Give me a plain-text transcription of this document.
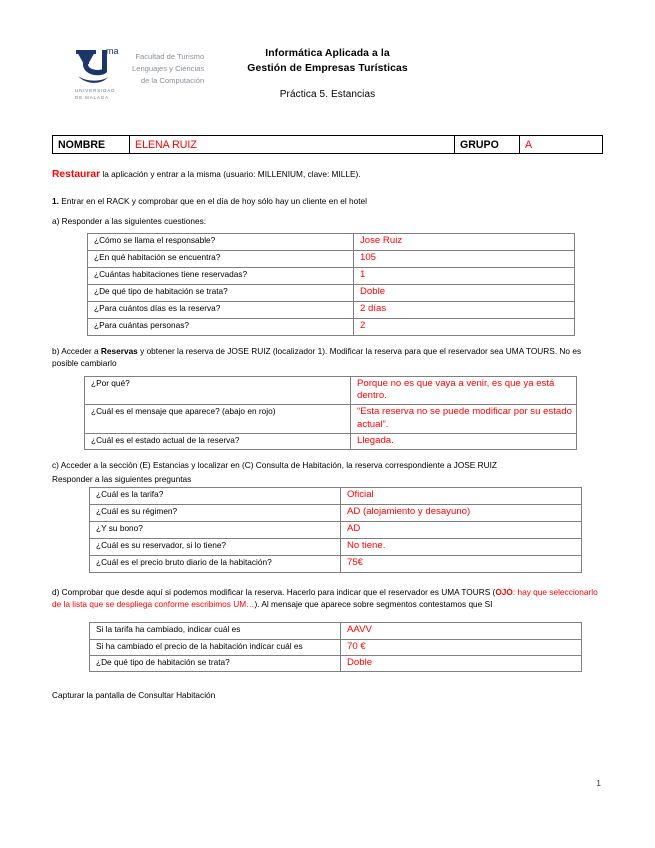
ma
UNIVERSIDAD
DE MALAGA
Facultad de Turismo
Lenguajes y Ciencias
de la Computación
Informática Aplicada a la
Gestión de Empresas Turísticas
Práctica 5. Estancias
NOMBRE	ELENA RUIZ	GRUPO	A
Restaurar la aplicación y entrar a la misma (usuario: MILLENIUM, clave: MILLE).
1. Entrar en el RACK y comprobar que en el día de hoy sólo hay un cliente en el hotel
a) Responder a las siguientes cuestiones:
¿Cómo se llama el responsable?	Jose Ruiz
¿En qué habitación se encuentra?	105
¿Cuántas habitaciones tiene reservadas?	1
¿De qué tipo de habitación se trata?	Doble
¿Para cuántos días es la reserva?	2 días
¿Para cuántas personas?	2
b) Acceder a Reservas y obtener la reserva de JOSE RUIZ (localizador 1). Modificar la reserva para que el reservador sea UMA TOURS. No es posible cambiarlo
¿Por qué?	Porque no es que vaya a venir, es que ya está dentro.
¿Cuál es el mensaje que aparece? (abajo en rojo)	“Esta reserva no se puede modificar por su estado actual”.
¿Cuál es el estado actual de la reserva?	Llegada.
c) Acceder a la sección (E) Estancias y localizar en (C) Consulta de Habitación, la reserva correspondiente a JOSE RUIZ
Responder a las siguientes preguntas
¿Cuál es la tarifa?	Oficial
¿Cuál es su régimen?	AD (alojamiento y desayuno)
¿Y su bono?	AD
¿Cuál es su reservador, si lo tiene?	No tiene.
¿Cuál es el precio bruto diario de la habitación?	75€
d) Comprobar que desde aquí si podemos modificar la reserva. Hacerlo para indicar que el reservador es UMA TOURS (OJO: hay que seleccionarlo de la lista que se despliega conforme escribimos UM…). Al mensaje que aparece sobre segmentos contestamos que SI
Si la tarifa ha cambiado, indicar cuál es	AAVV
Si ha cambiado el precio de la habitación indicar cuál es	70 €
¿De qué tipo de habitación se trata?	Doble
Capturar la pantalla de Consultar Habitación
1
